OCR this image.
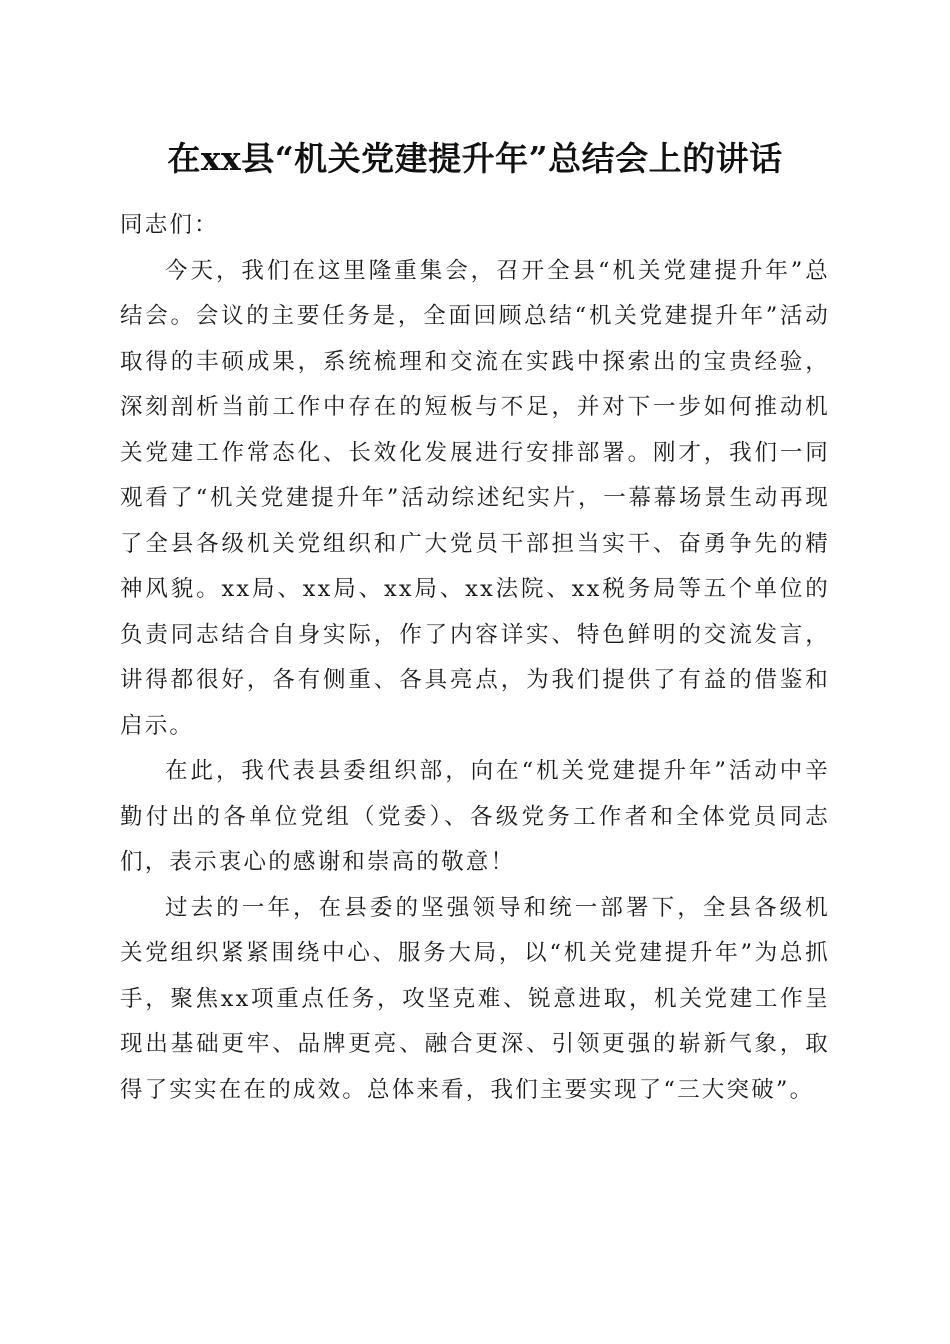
在xx县“机关党建提升年”总结会上的讲话

同志们：

今天，我们在这里隆重集会，召开全县“机关党建提升年”总结会。会议的主要任务是，全面回顾总结“机关党建提升年”活动取得的丰硕成果，系统梳理和交流在实践中探索出的宝贵经验，深刻剖析当前工作中存在的短板与不足，并对下一步如何推动机关党建工作常态化、长效化发展进行安排部署。刚才，我们一同观看了“机关党建提升年”活动综述纪实片，一幕幕场景生动再现了全县各级机关党组织和广大党员干部担当实干、奋勇争先的精神风貌。xx局、xx局、xx局、xx法院、xx税务局等五个单位的负责同志结合自身实际，作了内容详实、特色鲜明的交流发言，讲得都很好，各有侧重、各具亮点，为我们提供了有益的借鉴和启示。

在此，我代表县委组织部，向在“机关党建提升年”活动中辛勤付出的各单位党组（党委）、各级党务工作者和全体党员同志们，表示衷心的感谢和崇高的敬意！

过去的一年，在县委的坚强领导和统一部署下，全县各级机关党组织紧紧围绕中心、服务大局，以“机关党建提升年”为总抓手，聚焦xx项重点任务，攻坚克难、锐意进取，机关党建工作呈现出基础更牢、品牌更亮、融合更深、引领更强的崭新气象，取得了实实在在的成效。总体来看，我们主要实现了“三大突破”。
